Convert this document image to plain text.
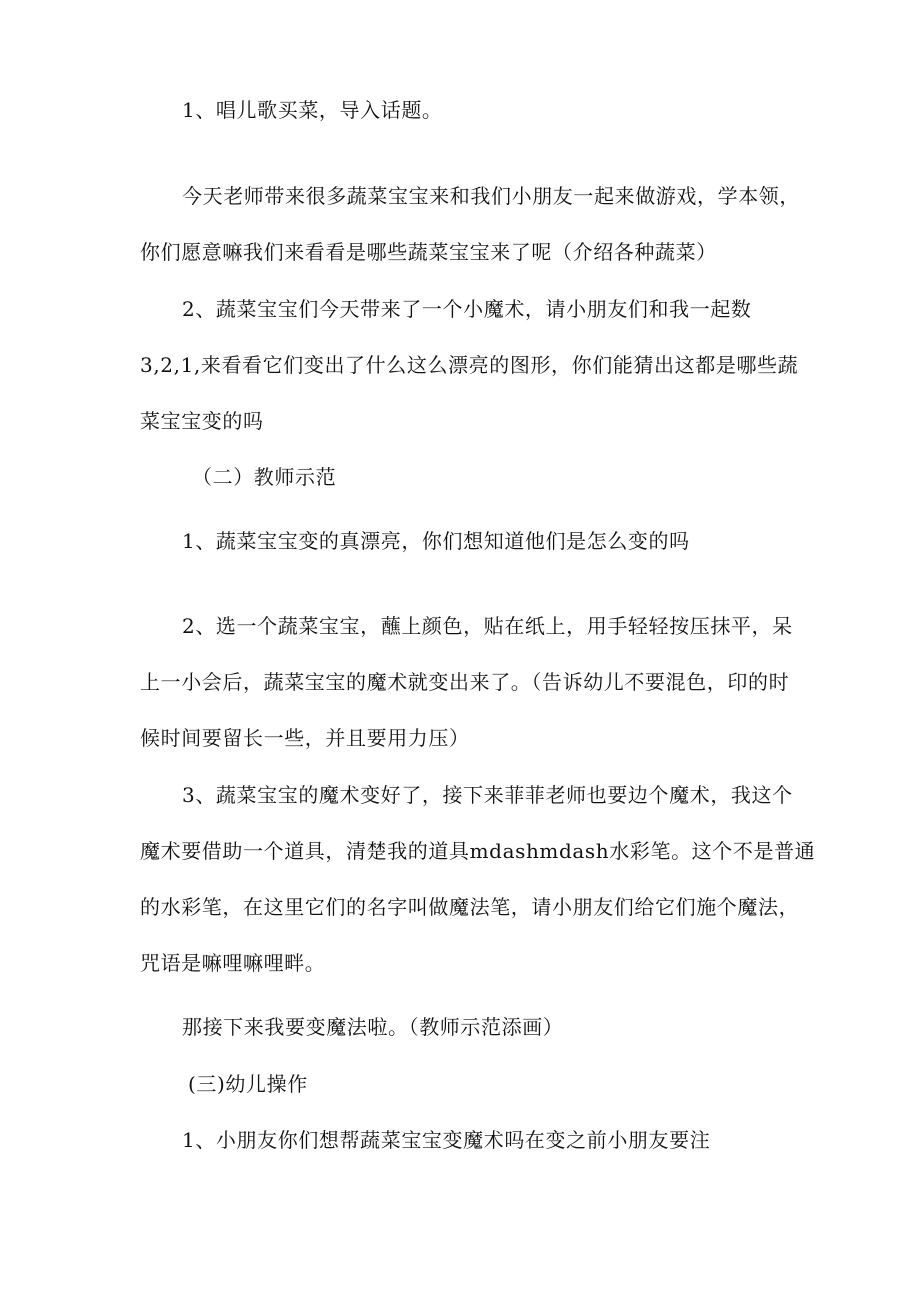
1、唱儿歌买菜，导入话题。
今天老师带来很多蔬菜宝宝来和我们小朋友一起来做游戏，学本领，
你们愿意嘛我们来看看是哪些蔬菜宝宝来了呢（介绍各种蔬菜）
2、蔬菜宝宝们今天带来了一个小魔术，请小朋友们和我一起数
3,2,1,来看看它们变出了什么这么漂亮的图形，你们能猜出这都是哪些蔬
菜宝宝变的吗
（二）教师示范
1、蔬菜宝宝变的真漂亮，你们想知道他们是怎么变的吗
2、选一个蔬菜宝宝，蘸上颜色，贴在纸上，用手轻轻按压抹平，呆
上一小会后，蔬菜宝宝的魔术就变出来了。（告诉幼儿不要混色，印的时
候时间要留长一些，并且要用力压）
3、蔬菜宝宝的魔术变好了，接下来菲菲老师也要边个魔术，我这个
魔术要借助一个道具，清楚我的道具mdashmdash水彩笔。这个不是普通
的水彩笔，在这里它们的名字叫做魔法笔，请小朋友们给它们施个魔法，
咒语是嘛哩嘛哩畔。
那接下来我要变魔法啦。（教师示范添画）
(三)幼儿操作
1、小朋友你们想帮蔬菜宝宝变魔术吗在变之前小朋友要注
